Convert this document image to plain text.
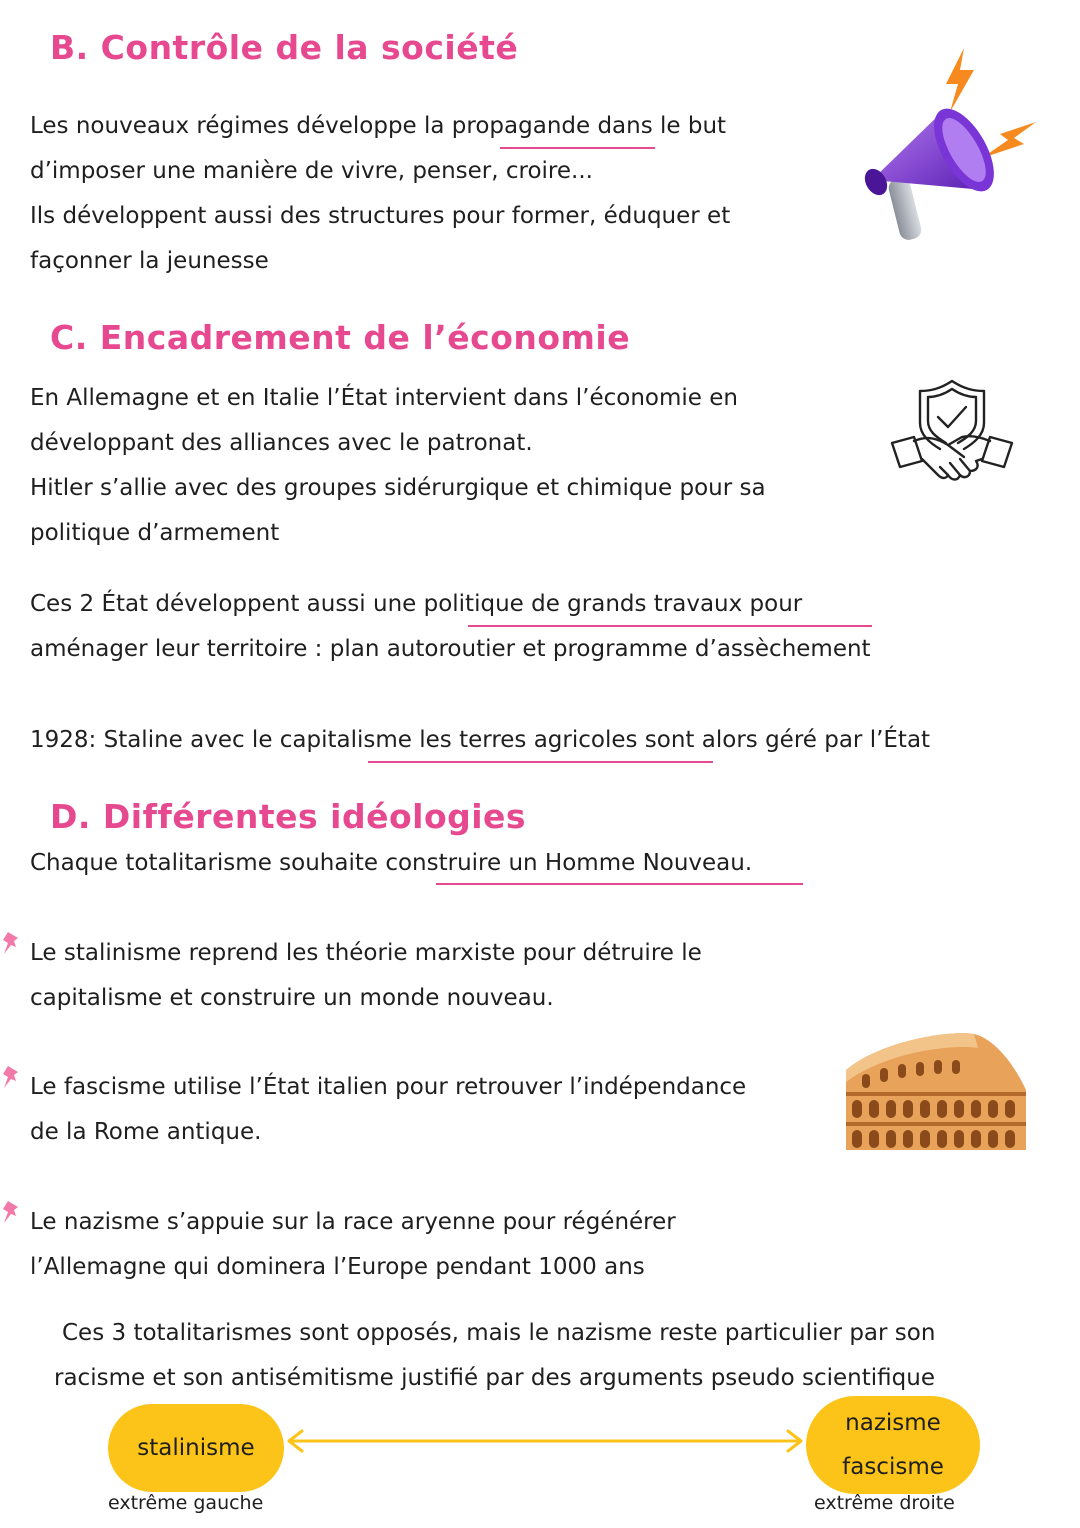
B. Contrôle de la société

Les nouveaux régimes développe la propagande dans le but

d’imposer une manière de vivre, penser, croire...

Ils développent aussi des structures pour former, éduquer et

façonner la jeunesse

C. Encadrement de l’économie

En Allemagne et en Italie l’État intervient dans l’économie en

développant des alliances avec le patronat.

Hitler s’allie avec des groupes sidérurgique et chimique pour sa

politique d’armement

Ces 2 État développent aussi une politique de grands travaux pour

aménager leur territoire : plan autoroutier et programme d’assèchement

1928: Staline avec le capitalisme les terres agricoles sont alors géré par l’État

D. Différentes idéologies

Chaque totalitarisme souhaite construire un Homme Nouveau.

Le stalinisme reprend les théorie marxiste pour détruire le

capitalisme et construire un monde nouveau.

Le fascisme utilise l’État italien pour retrouver l’indépendance

de la Rome antique.

Le nazisme s’appuie sur la race aryenne pour régénérer

l’Allemagne qui dominera l’Europe pendant 1000 ans

Ces 3 totalitarismes sont opposés, mais le nazisme reste particulier par son

racisme et son antisémitisme justifié par des arguments pseudo scientifique

stalinisme
nazisme
fascisme
extrême gauche	extrême droite
